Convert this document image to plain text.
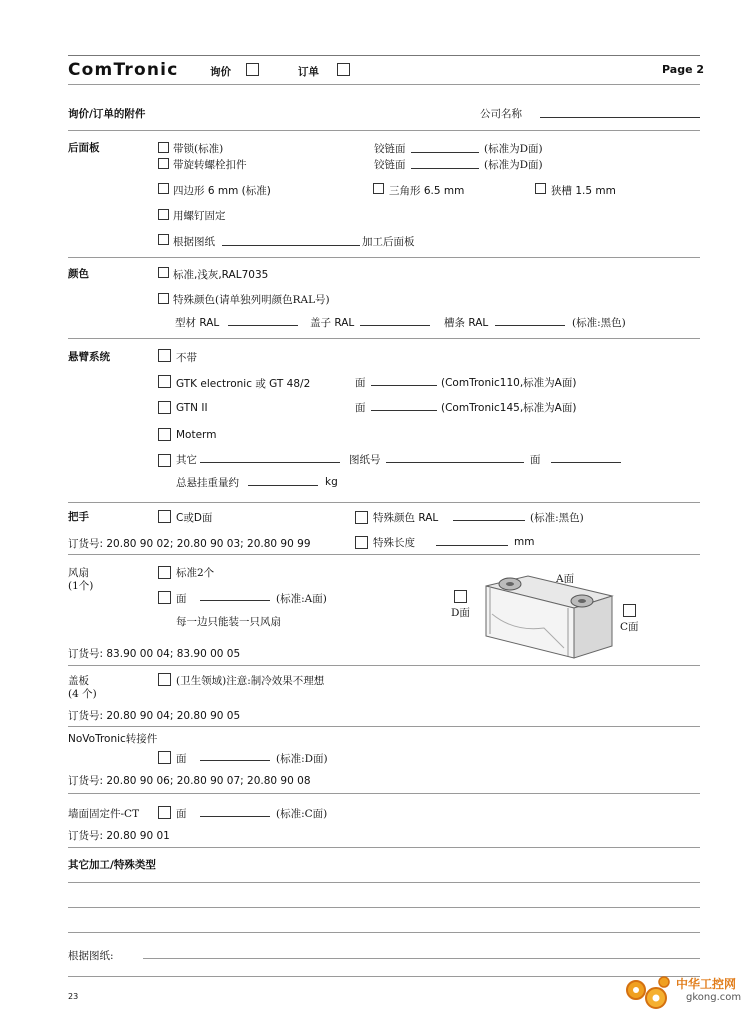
ComTronic	询价	订单	Page 2
询价/订单的附件	公司名称
后面板	带锁(标准)	铰链面	(标准为D面)
带旋转螺栓扣件	铰链面	(标准为D面)
四边形 6 mm (标准)	三角形 6.5 mm	狭槽 1.5 mm
用螺钉固定
根据图纸	加工后面板
颜色	标准,浅灰,RAL7035
特殊颜色(请单独列明颜色RAL号)
型材 RAL	盖子 RAL	槽条 RAL	(标准:黑色)
悬臂系统	不带
GTK electronic 或 GT 48/2	面	(ComTronic110,标准为A面)
GTN II	面	(ComTronic145,标准为A面)
Moterm
其它	图纸号	面
总悬挂重量约	kg
把手	C或D面	特殊颜色 RAL	(标准:黑色)
订货号: 20.80 90 02; 20.80 90 03; 20.80 90 99	特殊长度	mm
风扇
(1个)
标准2个
面	(标准:A面)
每一边只能装一只风扇
订货号: 83.90 00 04; 83.90 00 05
A面
D面
C面
盖板
(4 个)
(卫生领域)注意:制冷效果不理想
订货号: 20.80 90 04; 20.80 90 05
NoVoTronic转接件
面	(标准:D面)
订货号: 20.80 90 06; 20.80 90 07; 20.80 90 08
墙面固定件-CT	面	(标准:C面)
订货号: 20.80 90 01
其它加工/特殊类型
根据图纸:
23
中华工控网
gkong.com
